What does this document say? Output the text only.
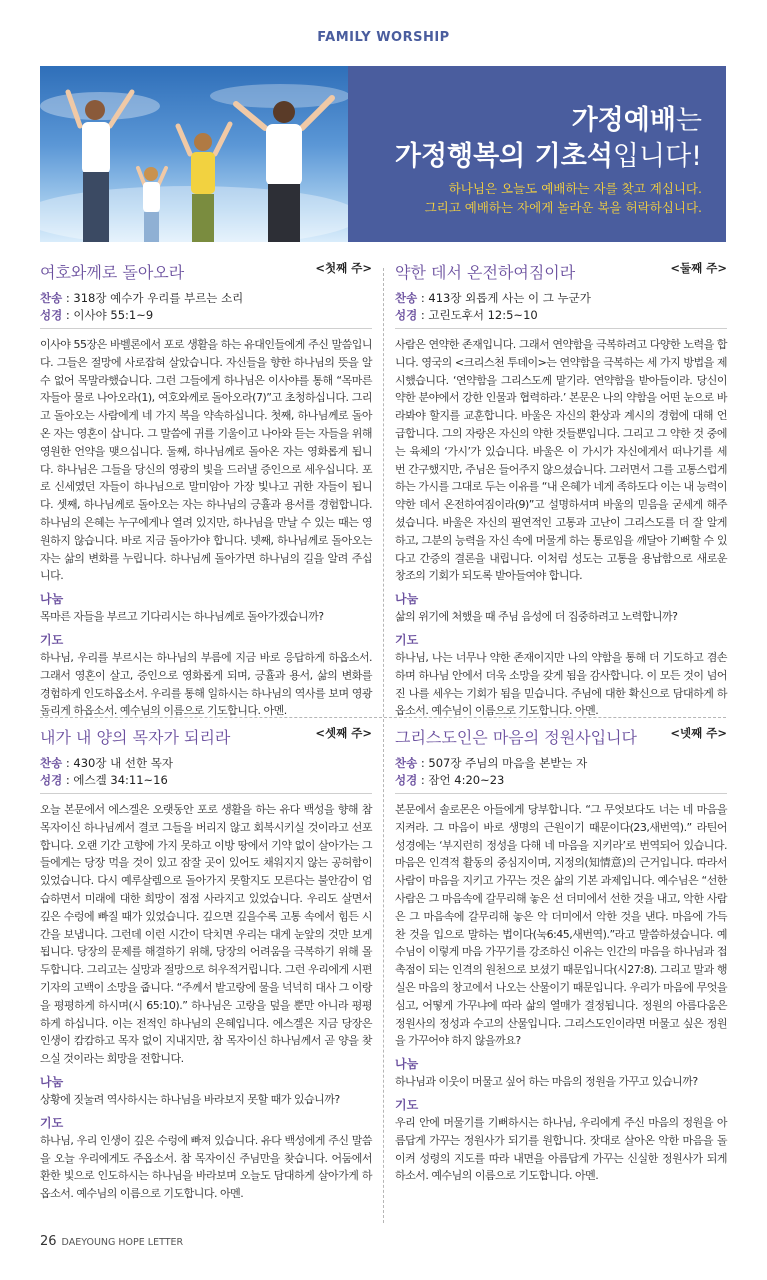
FAMILY WORSHIP
가정예배는
가정행복의 기초석입니다!
하나님은 오늘도 예배하는 자를 찾고 계십니다.
그리고 예배하는 자에게 놀라운 복을 허락하십니다.
여호와께로 돌아오라	<첫째 주>
찬송 : 318장 예수가 우리를 부르는 소리
성경 : 이사야 55:1~9
이사야 55장은 바벨론에서 포로 생활을 하는 유대인들에게 주신 말씀입니다. 그들은 절망에 사로잡혀 살았습니다. 자신들을 향한 하나님의 뜻을 알 수 없어 목말라했습니다. 그런 그들에게 하나님은 이사야를 통해 “목마른 자들아 물로 나아오라(1), 여호와께로 돌아오라(7)”고 초청하십니다. 그리고 돌아오는 사람에게 네 가지 복을 약속하십니다. 첫째, 하나님께로 돌아온 자는 영혼이 삽니다. 그 말씀에 귀를 기울이고 나아와 듣는 자들을 위해 영원한 언약을 맺으십니다. 둘째, 하나님께로 돌아온 자는 영화롭게 됩니다. 하나님은 그들을 당신의 영광의 빛을 드러낼 증인으로 세우십니다. 포로 신세였던 자들이 하나님으로 말미암아 가장 빛나고 귀한 자들이 됩니다. 셋째, 하나님께로 돌아오는 자는 하나님의 긍휼과 용서를 경험합니다. 하나님의 은혜는 누구에게나 열려 있지만, 하나님을 만날 수 있는 때는 영원하지 않습니다. 바로 지금 돌아가야 합니다. 넷째, 하나님께로 돌아오는 자는 삶의 변화를 누립니다. 하나님께 돌아가면 하나님의 길을 알려 주십니다.
나눔
목마른 자들을 부르고 기다리시는 하나님께로 돌아가겠습니까?
기도
하나님, 우리를 부르시는 하나님의 부름에 지금 바로 응답하게 하옵소서. 그래서 영혼이 살고, 증인으로 영화롭게 되며, 긍휼과 용서, 삶의 변화를 경험하게 인도하옵소서. 우리를 통해 일하시는 하나님의 역사를 보며 영광 돌리게 하옵소서. 예수님의 이름으로 기도합니다. 아멘.
약한 데서 온전하여짐이라	<둘째 주>
찬송 : 413장 외롭게 사는 이 그 누군가
성경 : 고린도후서 12:5~10
사람은 연약한 존재입니다. 그래서 연약함을 극복하려고 다양한 노력을 합니다. 영국의 <크리스천 투데이>는 연약함을 극복하는 세 가지 방법을 제시했습니다. ‘연약함을 그리스도께 맡기라. 연약함을 받아들이라. 당신이 약한 분야에서 강한 인물과 협력하라.’ 본문은 나의 약함을 어떤 눈으로 바라봐야 할지를 교훈합니다. 바울은 자신의 환상과 계시의 경험에 대해 언급합니다. 그의 자랑은 자신의 약한 것들뿐입니다. 그리고 그 약한 것 중에는 육체의 ‘가시’가 있습니다. 바울은 이 가시가 자신에게서 떠나기를 세 번 간구했지만, 주님은 들어주지 않으셨습니다. 그러면서 그를 고통스럽게 하는 가시를 그대로 두는 이유를 “내 은혜가 네게 족하도다 이는 내 능력이 약한 데서 온전하여짐이라(9)”고 설명하셔며 바울의 믿음을 굳세게 해주셨습니다. 바울은 자신의 필연적인 고통과 고난이 그리스도를 더 잘 알게 하고, 그분의 능력을 자신 속에 머물게 하는 통로임을 깨달아 기뻐할 수 있다고 간증의 결론을 내립니다. 이처럼 성도는 고통을 용납함으로 새로운 창조의 기회가 되도록 받아들여야 합니다.
나눔
삶의 위기에 처했을 때 주님 음성에 더 집중하려고 노력합니까?
기도
하나님, 나는 너무나 약한 존재이지만 나의 약함을 통해 더 기도하고 겸손하며 하나님 안에서 더욱 소망을 갖게 됨을 감사합니다. 이 모든 것이 넘어진 나를 세우는 기회가 됨을 믿습니다. 주님에 대한 확신으로 담대하게 하옵소서. 예수님이 이름으로 기도합니다. 아멘.
내가 내 양의 목자가 되리라	<셋째 주>
찬송 : 430장 내 선한 목자
성경 : 에스겔 34:11~16
오늘 본문에서 에스겔은 오랫동안 포로 생활을 하는 유다 백성을 향해 참 목자이신 하나님께서 결코 그들을 버리지 않고 회복시키실 것이라고 선포합니다. 오랜 기간 고향에 가지 못하고 이방 땅에서 기약 없이 살아가는 그들에게는 당장 먹을 것이 있고 잠잘 곳이 있어도 채워지지 않는 공허함이 있었습니다. 다시 예루살렘으로 돌아가지 못할지도 모른다는 불안감이 엄습하면서 미래에 대한 희망이 점점 사라지고 있었습니다. 우리도 살면서 깊은 수렁에 빠질 때가 있었습니다. 깊으면 깊을수록 고통 속에서 힘든 시간을 보냅니다. 그런데 이런 시간이 닥치면 우리는 대게 눈앞의 것만 보게 됩니다. 당장의 문제를 해결하기 위해, 당장의 어려움을 극복하기 위해 몰두합니다. 그리고는 실망과 절망으로 허우적거립니다. 그런 우리에게 시편 기자의 고백이 소망을 줍니다. “주께서 밭고랑에 물을 넉넉히 대사 그 이랑을 평평하게 하시며(시 65:10).” 하나님은 고랑을 덮을 뿐만 아니라 평평하게 하십니다. 이는 전적인 하나님의 은혜입니다. 에스겔은 지금 당장은 인생이 캄캄하고 목자 없이 지내지만, 참 목자이신 하나님께서 곧 양을 찾으실 것이라는 희망을 전합니다.
나눔
상황에 짓눌려 역사하시는 하나님을 바라보지 못할 때가 있습니까?
기도
하나님, 우리 인생이 깊은 수렁에 빠져 있습니다. 유다 백성에게 주신 말씀을 오늘 우리에게도 주옵소서. 참 목자이신 주님만을 찾습니다. 어둠에서 환한 빛으로 인도하시는 하나님을 바라보며 오늘도 담대하게 살아가게 하옵소서. 예수님의 이름으로 기도합니다. 아멘.
그리스도인은 마음의 정원사입니다	<넷째 주>
찬송 : 507장 주님의 마음을 본받는 자
성경 : 잠언 4:20~23
본문에서 솔로몬은 아들에게 당부합니다. “그 무엇보다도 너는 네 마음을 지켜라. 그 마음이 바로 생명의 근원이기 때문이다(23,새번역).” 라틴어 성경에는 ‘부지런히 정성을 다해 네 마음을 지키라’로 번역되어 있습니다. 마음은 인격적 활동의 중심지이며, 지정의(知情意)의 근거입니다. 따라서 사람이 마음을 지키고 가꾸는 것은 삶의 기본 과제입니다. 예수님은 “선한 사람은 그 마음속에 갈무리해 놓은 선 더미에서 선한 것을 내고, 악한 사람은 그 마음속에 갈무리해 놓은 악 더미에서 악한 것을 낸다. 마음에 가득 찬 것을 입으로 말하는 법이다(눅6:45,새번역).”라고 말씀하셨습니다. 예수님이 이렇게 마음 가꾸기를 강조하신 이유는 인간의 마음을 하나님과 접촉점이 되는 인격의 원천으로 보셨기 때문입니다(시27:8). 그리고 말과 행실은 마음의 창고에서 나오는 산물이기 때문입니다. 우리가 마음에 무엇을 심고, 어떻게 가꾸냐에 따라 삶의 열매가 결정됩니다. 정원의 아름다움은 정원사의 정성과 수고의 산물입니다. 그리스도인이라면 머물고 싶은 정원을 가꾸어야 하지 않을까요?
나눔
하나님과 이웃이 머물고 싶어 하는 마음의 정원을 가꾸고 있습니까?
기도
우리 안에 머물기를 기뻐하시는 하나님, 우리에게 주신 마음의 정원을 아름답게 가꾸는 정원사가 되기를 원합니다. 잣대로 살아온 악한 마음을 돌이켜 성령의 지도를 따라 내면을 아름답게 가꾸는 신실한 정원사가 되게 하소서. 예수님의 이름으로 기도합니다. 아멘.
26 DAEYOUNG HOPE LETTER
